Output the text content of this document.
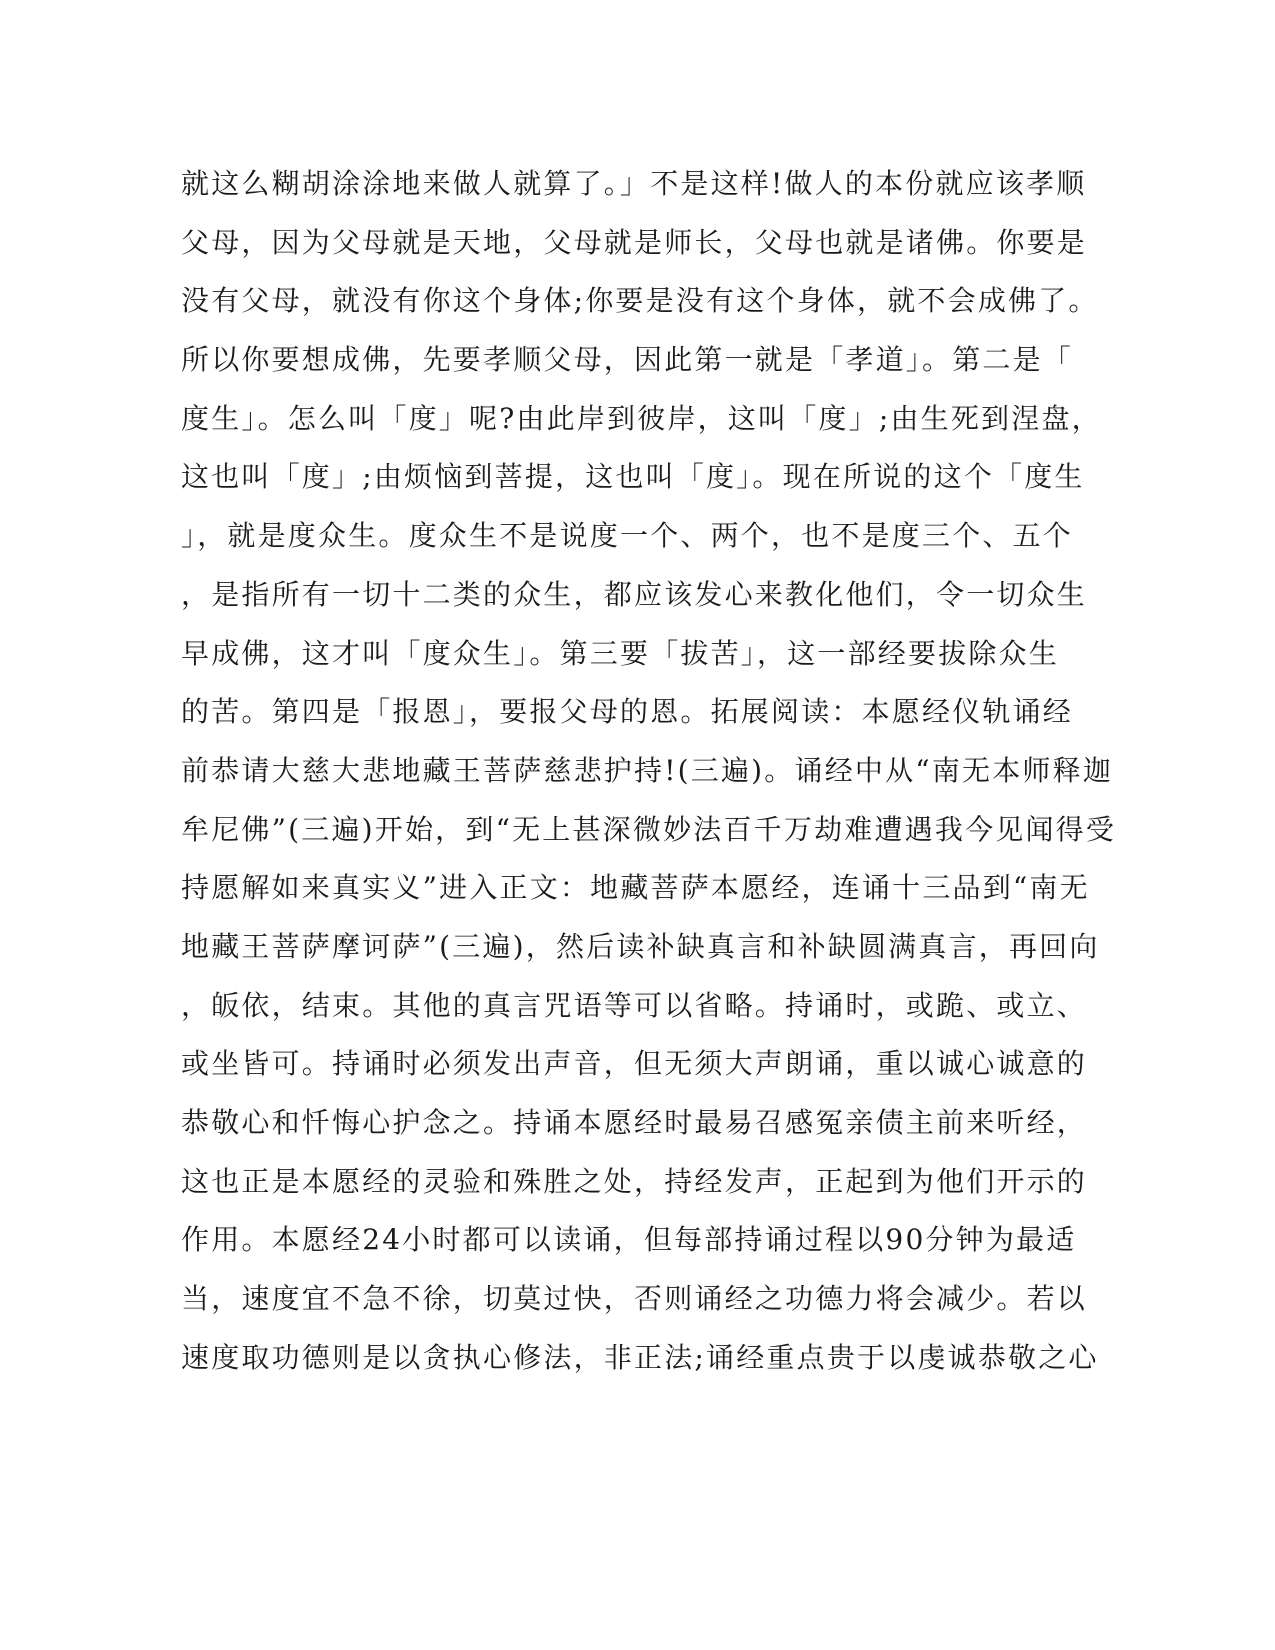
就这么糊胡涂涂地来做人就算了。」不是这样!做人的本份就应该孝顺
父母，因为父母就是天地，父母就是师长，父母也就是诸佛。你要是
没有父母，就没有你这个身体;你要是没有这个身体，就不会成佛了。
所以你要想成佛，先要孝顺父母，因此第一就是「孝道」。第二是「
度生」。怎么叫「度」呢?由此岸到彼岸，这叫「度」;由生死到涅盘，
这也叫「度」;由烦恼到菩提，这也叫「度」。现在所说的这个「度生
」，就是度众生。度众生不是说度一个、两个，也不是度三个、五个
，是指所有一切十二类的众生，都应该发心来教化他们，令一切众生
早成佛，这才叫「度众生」。第三要「拔苦」，这一部经要拔除众生
的苦。第四是「报恩」，要报父母的恩。拓展阅读：本愿经仪轨诵经
前恭请大慈大悲地藏王菩萨慈悲护持!(三遍)。诵经中从“南无本师释迦
牟尼佛”(三遍)开始，到“无上甚深微妙法百千万劫难遭遇我今见闻得受
持愿解如来真实义”进入正文：地藏菩萨本愿经，连诵十三品到“南无
地藏王菩萨摩诃萨”(三遍)，然后读补缺真言和补缺圆满真言，再回向
，皈依，结束。其他的真言咒语等可以省略。持诵时，或跪、或立、
或坐皆可。持诵时必须发出声音，但无须大声朗诵，重以诚心诚意的
恭敬心和忏悔心护念之。持诵本愿经时最易召感冤亲债主前来听经，
这也正是本愿经的灵验和殊胜之处，持经发声，正起到为他们开示的
作用。本愿经24小时都可以读诵，但每部持诵过程以90分钟为最适
当，速度宜不急不徐，切莫过快，否则诵经之功德力将会减少。若以
速度取功德则是以贪执心修法，非正法;诵经重点贵于以虔诚恭敬之心
